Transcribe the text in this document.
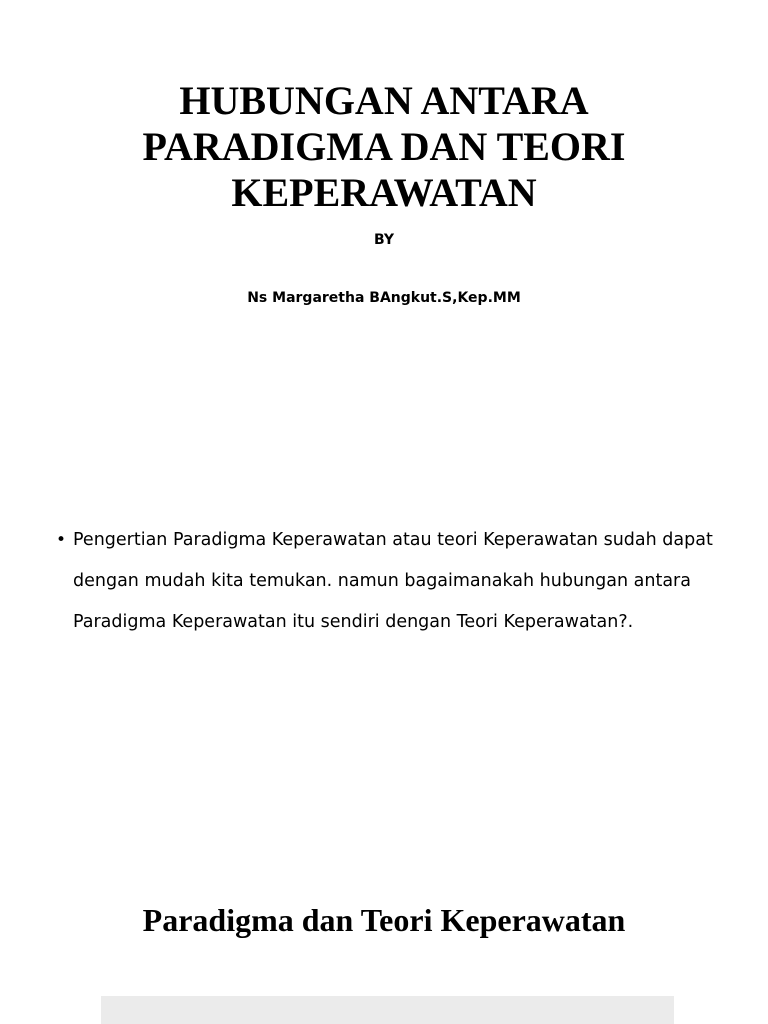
HUBUNGAN ANTARA
PARADIGMA DAN TEORI
KEPERAWATAN
BY
Ns Margaretha BAngkut.S,Kep.MM
• Pengertian Paradigma Keperawatan atau teori Keperawatan sudah dapat dengan mudah kita temukan. namun bagaimanakah hubungan antara Paradigma Keperawatan itu sendiri dengan Teori Keperawatan?.
Paradigma dan Teori Keperawatan
